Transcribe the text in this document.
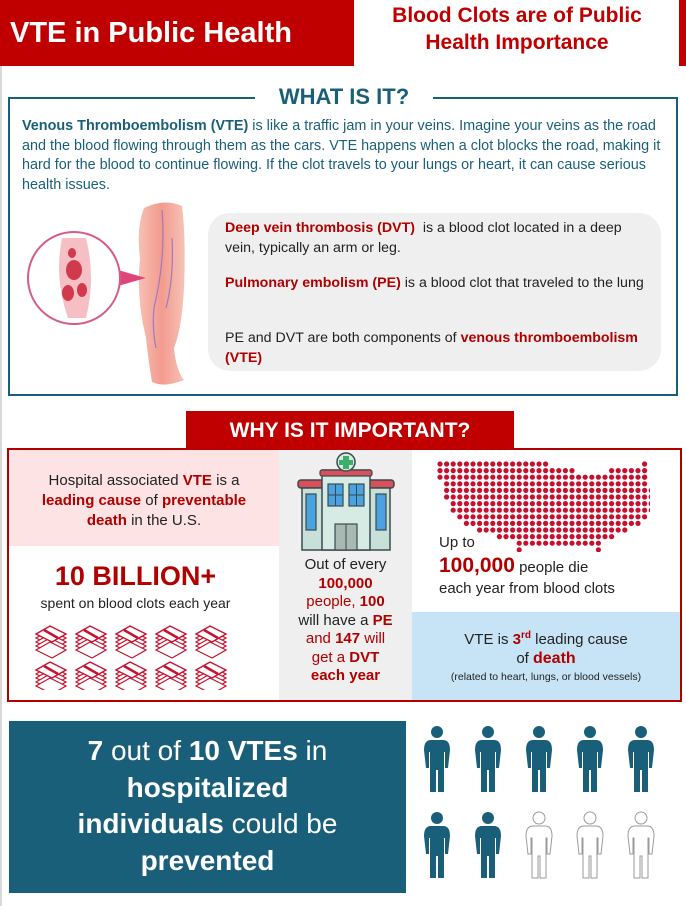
VTE in Public Health
Blood Clots are of Public
Health Importance
WHAT IS IT?
Venous Thromboembolism (VTE) is like a traffic jam in your veins. Imagine your veins as the road and the blood flowing through them as the cars. VTE happens when a clot blocks the road, making it hard for the blood to continue flowing. If the clot travels to your lungs or heart, it can cause serious health issues.
Deep vein thrombosis (DVT)  is a blood clot located in a deep vein, typically an arm or leg.
Pulmonary embolism (PE) is a blood clot that traveled to the lung
PE and DVT are both components of venous thromboembolism (VTE)
WHY IS IT IMPORTANT?
Hospital associated VTE is a
leading cause of preventable
death in the U.S.
10 BILLION+
spent on blood clots each year
Out of every
100,000
people, 100
will have a PE
and 147 will
get a DVT
each year
Up to
100,000 people die
each year from blood clots
VTE is 3rd leading cause
of death
(related to heart, lungs, or blood vessels)
7 out of 10 VTEs in
hospitalized
individuals could be
prevented
